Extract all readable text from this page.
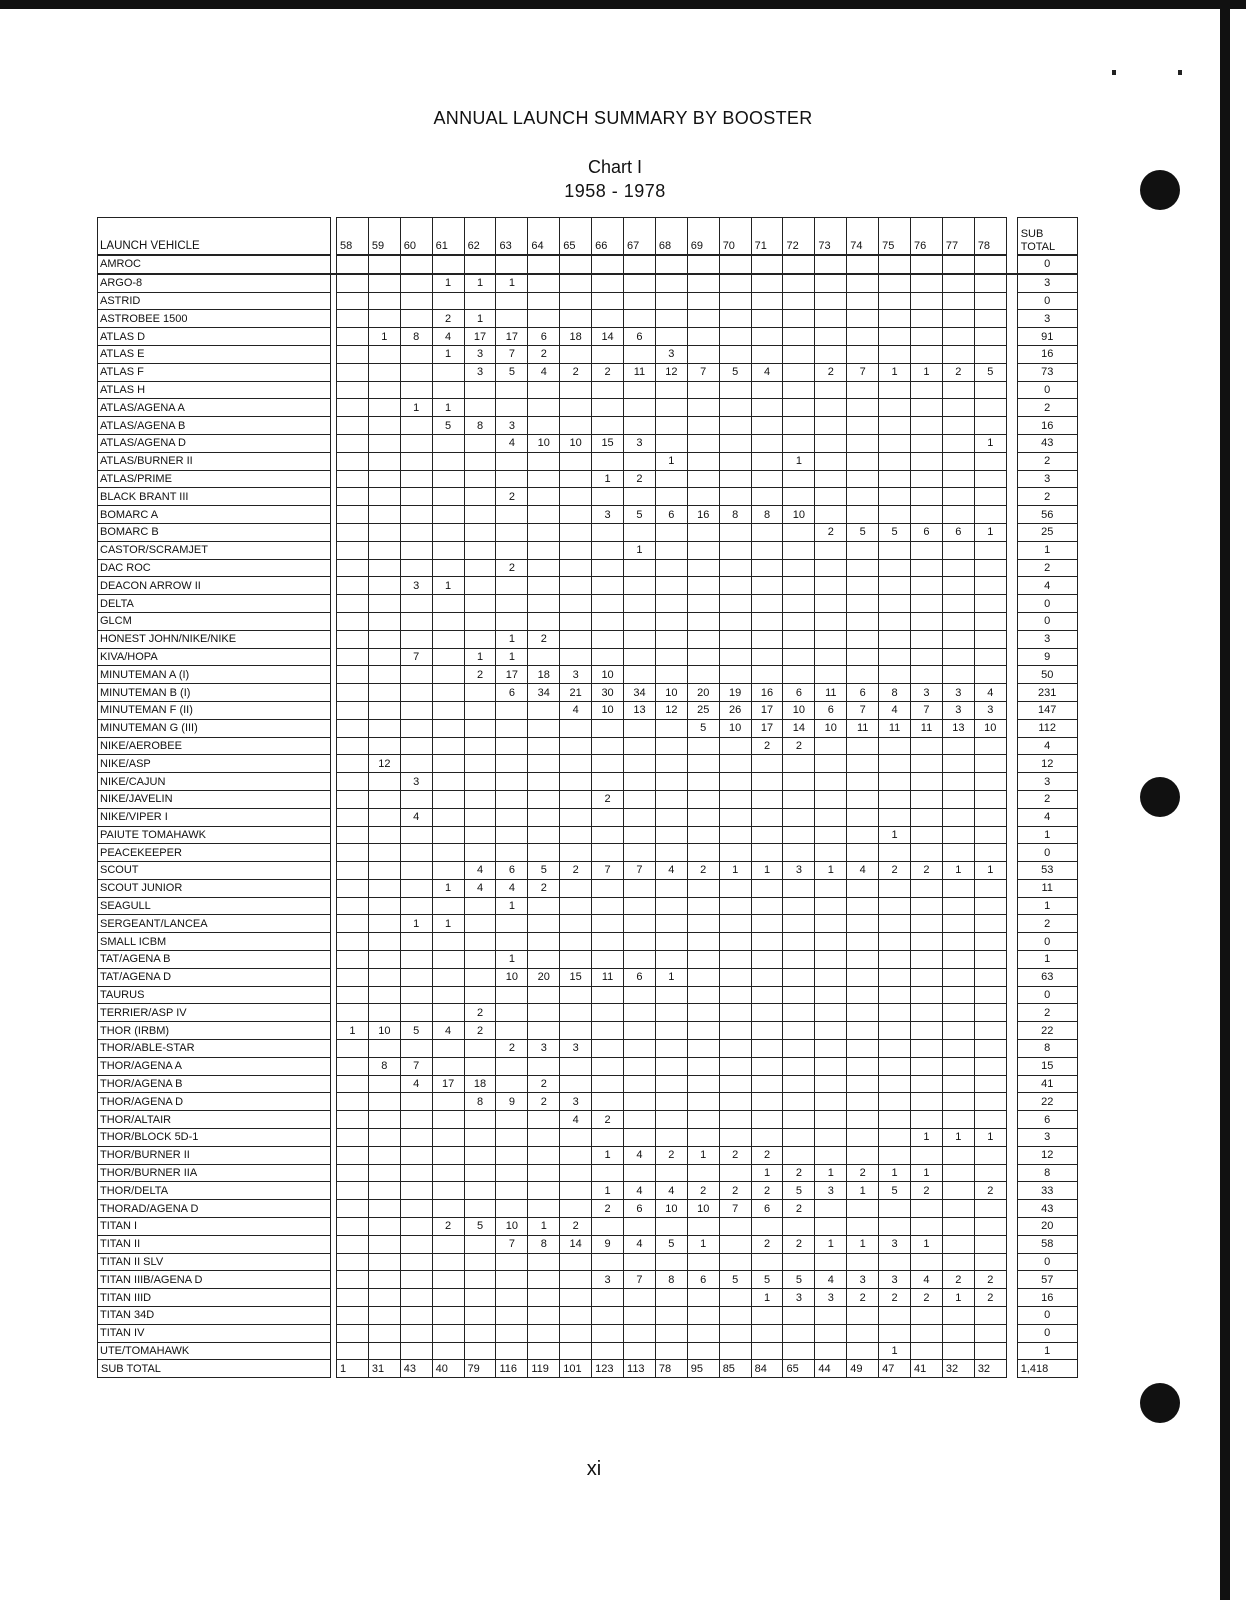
ANNUAL LAUNCH SUMMARY BY BOOSTER
Chart I
1958 - 1978
LAUNCH VEHICLE		58	59	60	61	62	63	64	65	66	67	68	69	70	71	72	73	74	75	76	77	78		SUB TOTAL
AMROC																								0
ARGO-8					1	1	1																	3
ASTRID																								0
ASTROBEE 1500					2	1																		3
ATLAS D			1	8	4	17	17	6	18	14	6													91
ATLAS E					1	3	7	2				3												16
ATLAS F						3	5	4	2	2	11	12	7	5	4		2	7	1	1	2	5		73
ATLAS H																								0
ATLAS/AGENA A				1	1																			2
ATLAS/AGENA B					5	8	3																	16
ATLAS/AGENA D							4	10	10	15	3											1		43
ATLAS/BURNER II												1				1								2
ATLAS/PRIME										1	2													3
BLACK BRANT III							2																	2
BOMARC A										3	5	6	16	8	8	10								56
BOMARC B																	2	5	5	6	6	1		25
CASTOR/SCRAMJET											1													1
DAC ROC							2																	2
DEACON ARROW II				3	1																			4
DELTA																								0
GLCM																								0
HONEST JOHN/NIKE/NIKE							1	2																3
KIVA/HOPA				7		1	1																	9
MINUTEMAN A (I)						2	17	18	3	10														50
MINUTEMAN B (I)							6	34	21	30	34	10	20	19	16	6	11	6	8	3	3	4		231
MINUTEMAN F (II)									4	10	13	12	25	26	17	10	6	7	4	7	3	3		147
MINUTEMAN G (III)													5	10	17	14	10	11	11	11	13	10		112
NIKE/AEROBEE															2	2								4
NIKE/ASP			12																					12
NIKE/CAJUN				3																				3
NIKE/JAVELIN										2														2
NIKE/VIPER I				4																				4
PAIUTE TOMAHAWK																			1					1
PEACEKEEPER																								0
SCOUT						4	6	5	2	7	7	4	2	1	1	3	1	4	2	2	1	1		53
SCOUT JUNIOR					1	4	4	2																11
SEAGULL							1																	1
SERGEANT/LANCEA				1	1																			2
SMALL ICBM																								0
TAT/AGENA B							1																	1
TAT/AGENA D							10	20	15	11	6	1												63
TAURUS																								0
TERRIER/ASP IV						2																		2
THOR (IRBM)		1	10	5	4	2																		22
THOR/ABLE-STAR							2	3	3															8
THOR/AGENA A			8	7																				15
THOR/AGENA B				4	17	18		2																41
THOR/AGENA D						8	9	2	3															22
THOR/ALTAIR									4	2														6
THOR/BLOCK 5D-1																				1	1	1		3
THOR/BURNER II										1	4	2	1	2	2									12
THOR/BURNER IIA															1	2	1	2	1	1				8
THOR/DELTA										1	4	4	2	2	2	5	3	1	5	2		2		33
THORAD/AGENA D										2	6	10	10	7	6	2								43
TITAN I					2	5	10	1	2															20
TITAN II							7	8	14	9	4	5	1		2	2	1	1	3	1				58
TITAN II SLV																								0
TITAN IIIB/AGENA D										3	7	8	6	5	5	5	4	3	3	4	2	2		57
TITAN IIID															1	3	3	2	2	2	1	2		16
TITAN 34D																								0
TITAN IV																								0
UTE/TOMAHAWK																			1					1
SUB TOTAL		1	31	43	40	79	116	119	101	123	113	78	95	85	84	65	44	49	47	41	32	32		1,418
xi
